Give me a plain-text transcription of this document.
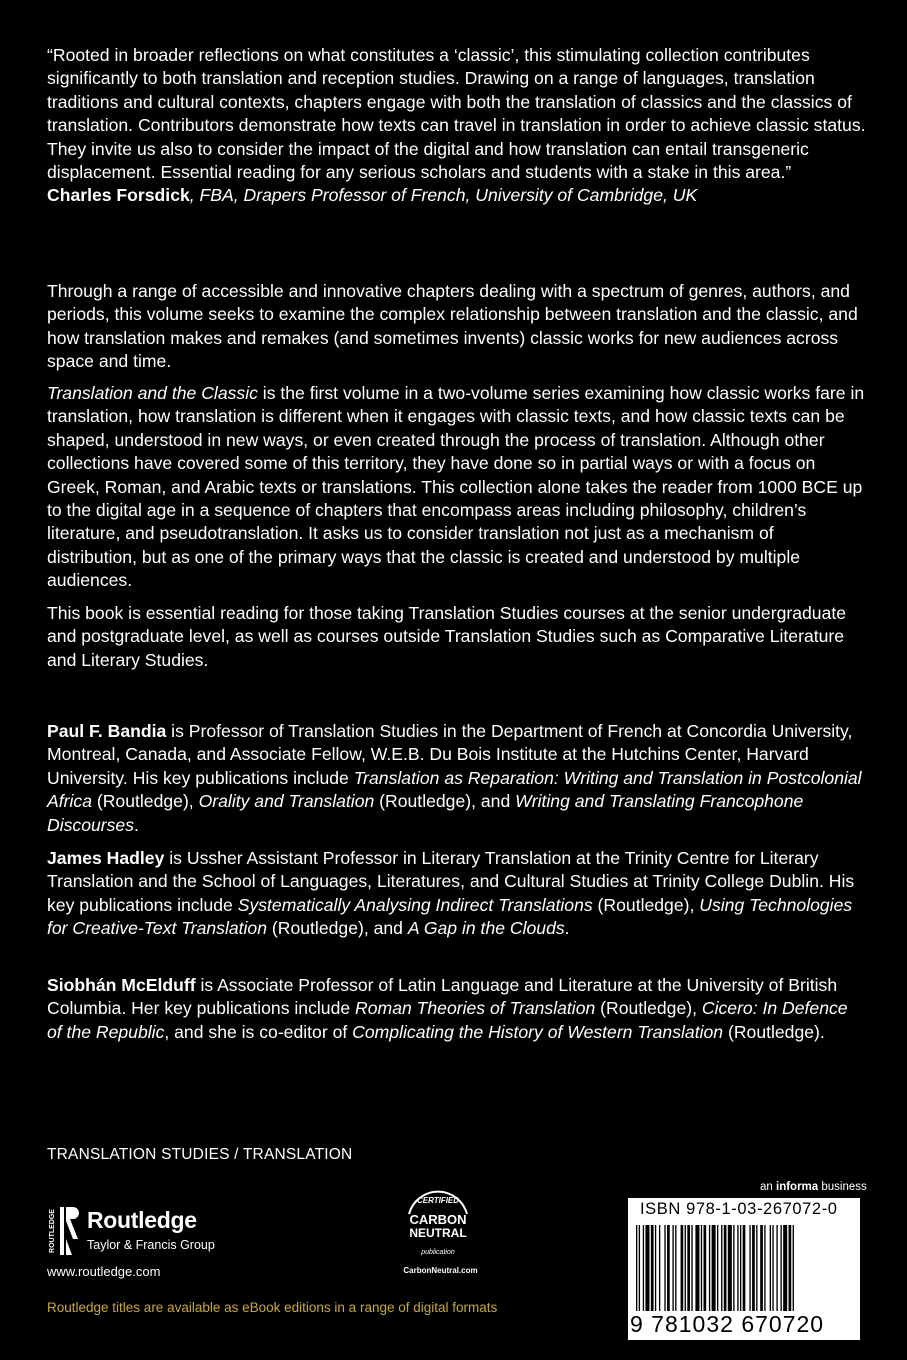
“Rooted in broader reflections on what constitutes a ‘classic’, this stimulating collection contributes significantly to both translation and reception studies. Drawing on a range of languages, translation traditions and cultural contexts, chapters engage with both the translation of classics and the classics of translation. Contributors demonstrate how texts can travel in translation in order to achieve classic status. They invite us also to consider the impact of the digital and how translation can entail transgeneric displacement. Essential reading for any serious scholars and students with a stake in this area.”
Charles Forsdick, FBA, Drapers Professor of French, University of Cambridge, UK

Through a range of accessible and innovative chapters dealing with a spectrum of genres, authors, and periods, this volume seeks to examine the complex relationship between translation and the classic, and how translation makes and remakes (and sometimes invents) classic works for new audiences across space and time.

Translation and the Classic is the first volume in a two-volume series examining how classic works fare in translation, how translation is different when it engages with classic texts, and how classic texts can be shaped, understood in new ways, or even created through the process of translation. Although other collections have covered some of this territory, they have done so in partial ways or with a focus on Greek, Roman, and Arabic texts or translations. This collection alone takes the reader from 1000 BCE up to the digital age in a sequence of chapters that encompass areas including philosophy, children’s literature, and pseudotranslation. It asks us to consider translation not just as a mechanism of distribution, but as one of the primary ways that the classic is created and understood by multiple audiences.

This book is essential reading for those taking Translation Studies courses at the senior undergraduate and postgraduate level, as well as courses outside Translation Studies such as Comparative Literature and Literary Studies.

Paul F. Bandia is Professor of Translation Studies in the Department of French at Concordia University, Montreal, Canada, and Associate Fellow, W.E.B. Du Bois Institute at the Hutchins Center, Harvard University. His key publications include Translation as Reparation: Writing and Translation in Postcolonial Africa (Routledge), Orality and Translation (Routledge), and Writing and Translating Francophone Discourses.

James Hadley is Ussher Assistant Professor in Literary Translation at the Trinity Centre for Literary Translation and the School of Languages, Literatures, and Cultural Studies at Trinity College Dublin. His key publications include Systematically Analysing Indirect Translations (Routledge), Using Technologies for Creative-Text Translation (Routledge), and A Gap in the Clouds.

Siobhán McElduff is Associate Professor of Latin Language and Literature at the University of British Columbia. Her key publications include Roman Theories of Translation (Routledge), Cicero: In Defence of the Republic, and she is co-editor of Complicating the History of Western Translation (Routledge).

TRANSLATION STUDIES / TRANSLATION
ROUTLEDGE Routledge
Taylor & Francis Group
www.routledge.com
CERTIFIED
CARBON
NEUTRAL
publication
CarbonNeutral.com
an informa business
ISBN 978-1-03-267072-0
9 781032 670720
Routledge titles are available as eBook editions in a range of digital formats
